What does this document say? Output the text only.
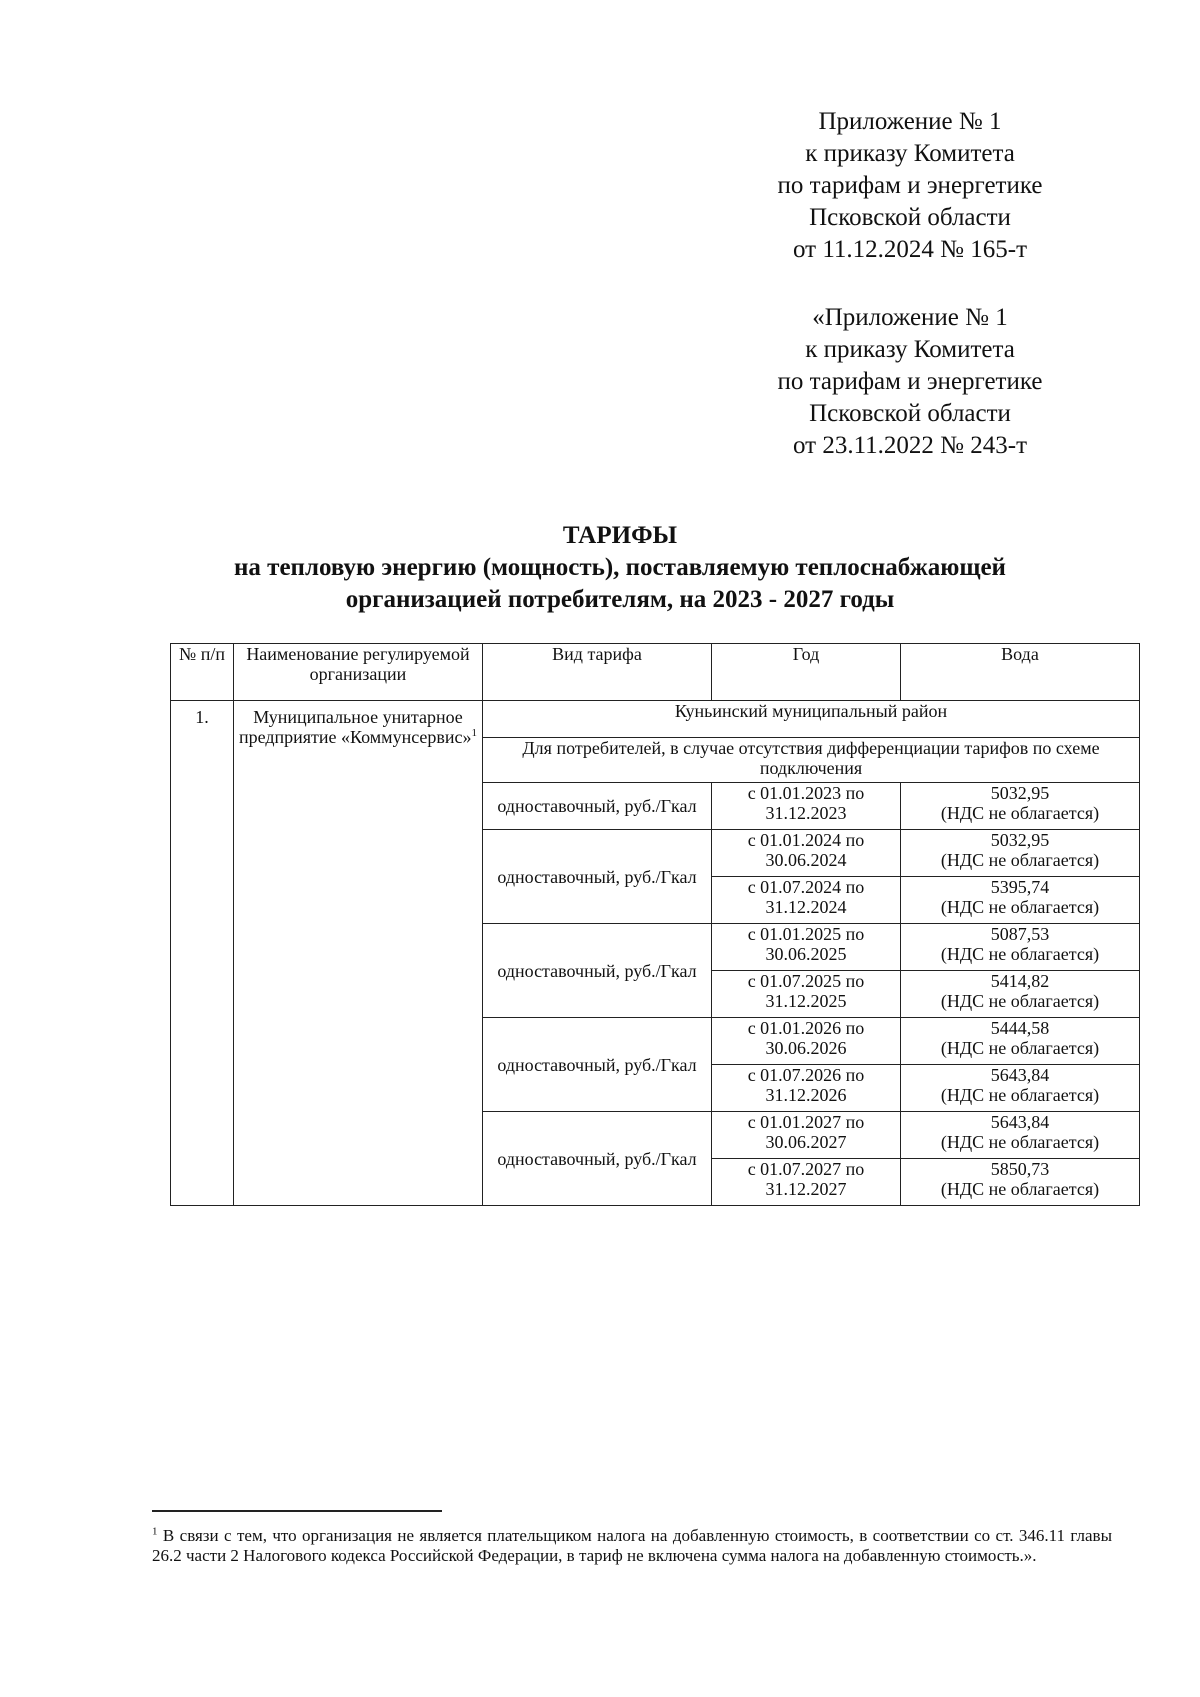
Приложение № 1
к приказу Комитета
по тарифам и энергетике
Псковской области
от 11.12.2024 № 165-т
«Приложение № 1
к приказу Комитета
по тарифам и энергетике
Псковской области
от 23.11.2022 № 243-т
ТАРИФЫ
на тепловую энергию (мощность), поставляемую теплоснабжающей
организацией потребителям, на 2023 - 2027 годы
№ п/п	Наименование регулируемой организации	Вид тарифа	Год	Вода
1.	Муниципальное унитарное предприятие «Коммунсервис»$^1$	Куньинский муниципальный район		
		Для потребителей, в случае отсутствия дифференциации тарифов по схеме подключения		
		одноставочный, руб./Гкал	с 01.01.2023 по 31.12.2023	5032,95
(НДС не облагается)

		одноставочный, руб./Гкал	с 01.01.2024 по 30.06.2024	5032,95
(НДС не облагается)

			с 01.07.2024 по 31.12.2024	5395,74
(НДС не облагается)

		одноставочный, руб./Гкал	с 01.01.2025 по 30.06.2025	5087,53
(НДС не облагается)

			с 01.07.2025 по 31.12.2025	5414,82
(НДС не облагается)

		одноставочный, руб./Гкал	с 01.01.2026 по 30.06.2026	5444,58
(НДС не облагается)

			с 01.07.2026 по 31.12.2026	5643,84
(НДС не облагается)

		одноставочный, руб./Гкал	с 01.01.2027 по 30.06.2027	5643,84
(НДС не облагается)

			с 01.07.2027 по 31.12.2027	5850,73
(НДС не облагается)
$^1$ В связи с тем, что организация не является плательщиком налога на добавленную стоимость, в соответствии со ст. 346.11 главы 26.2 части 2 Налогового кодекса Российской Федерации, в тариф не включена сумма налога на добавленную стоимость.».
